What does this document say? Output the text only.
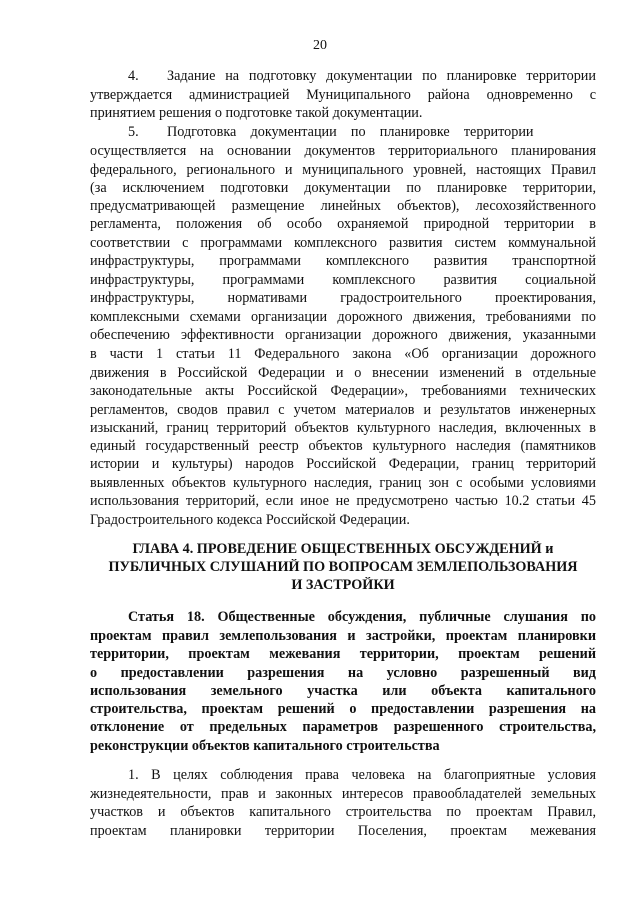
20
4.  Задание на подготовку документации по планировке территории
утверждается администрацией Муниципального района одновременно с
принятием решения о подготовке такой документации.
5.  Подготовка документации по планировке территории
осуществляется на основании документов территориального планирования
федерального, регионального и муниципального уровней, настоящих Правил
(за исключением подготовки документации по планировке территории,
предусматривающей размещение линейных объектов), лесохозяйственного
регламента, положения об особо охраняемой природной территории в
соответствии с программами комплексного развития систем коммунальной
инфраструктуры, программами комплексного развития транспортной
инфраструктуры, программами комплексного развития социальной
инфраструктуры, нормативами градостроительного проектирования,
комплексными схемами организации дорожного движения, требованиями по
обеспечению эффективности организации дорожного движения, указанными
в части 1 статьи 11 Федерального закона «Об организации дорожного
движения в Российской Федерации и о внесении изменений в отдельные
законодательные акты Российской Федерации», требованиями технических
регламентов, сводов правил с учетом материалов и результатов инженерных
изысканий, границ территорий объектов культурного наследия, включенных в
единый государственный реестр объектов культурного наследия (памятников
истории и культуры) народов Российской Федерации, границ территорий
выявленных объектов культурного наследия, границ зон с особыми условиями
использования территорий, если иное не предусмотрено частью 10.2 статьи 45
Градостроительного кодекса Российской Федерации.
ГЛАВА 4. ПРОВЕДЕНИЕ ОБЩЕСТВЕННЫХ ОБСУЖДЕНИЙ и
ПУБЛИЧНЫХ СЛУШАНИЙ ПО ВОПРОСАМ ЗЕМЛЕПОЛЬЗОВАНИЯ
И ЗАСТРОЙКИ
Статья 18. Общественные обсуждения, публичные слушания по
проектам правил землепользования и застройки, проектам планировки
территории, проектам межевания территории, проектам решений
о предоставлении разрешения на условно разрешенный вид
использования земельного участка или объекта капитального
строительства, проектам решений о предоставлении разрешения на
отклонение от предельных параметров разрешенного строительства,
реконструкции объектов капитального строительства
1. В целях соблюдения права человека на благоприятные условия
жизнедеятельности, прав и законных интересов правообладателей земельных
участков и объектов капитального строительства по проектам Правил,
проектам планировки территории Поселения, проектам межевания
